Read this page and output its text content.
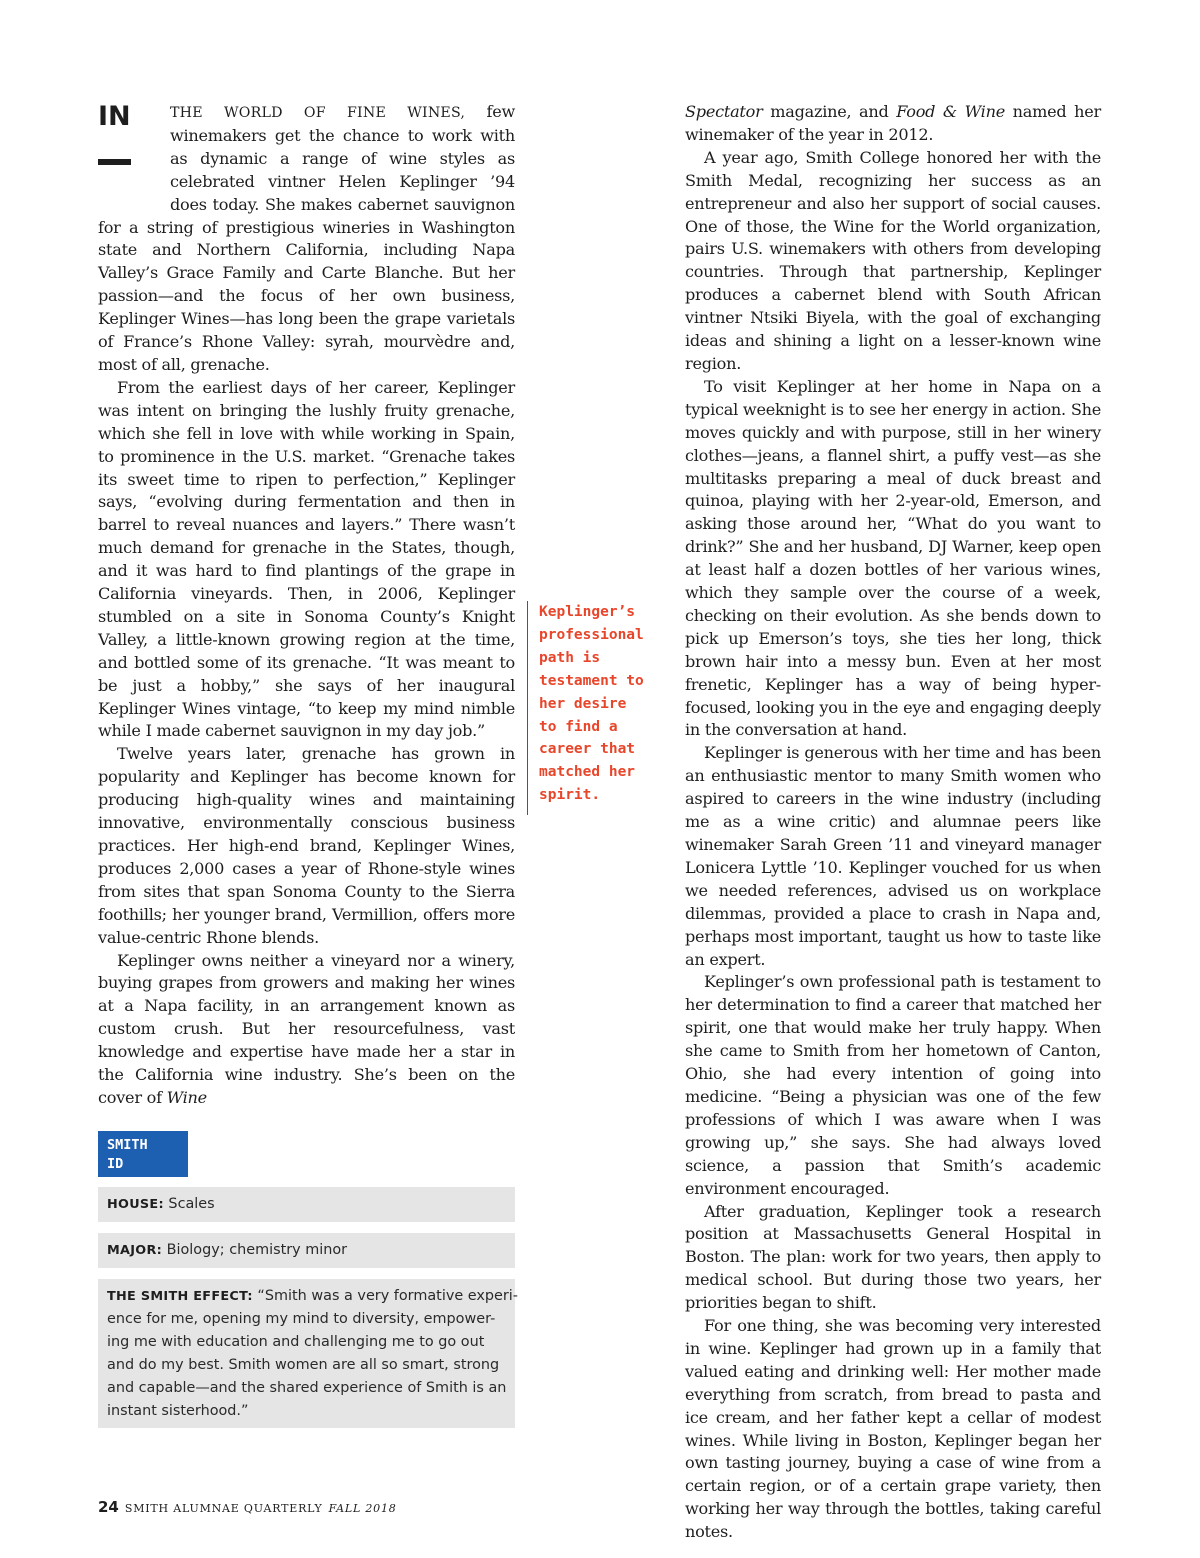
IN	THE WORLD OF FINE WINES, few winemakers get the chance to work with as dynamic a range of wine styles as celebrated vintner Helen Keplinger ’94 does today. She makes cabernet sauvignon for a string of prestigious wineries in Washington state and Northern California, including Napa Valley’s Grace Family and Carte Blanche. But her passion—and the focus of her own business, Keplinger Wines—has long been the grape varietals of France’s Rhone Valley: syrah, mourvèdre and, most of all, grenache.

From the earliest days of her career, Keplinger was intent on bringing the lushly fruity grenache, which she fell in love with while working in Spain, to prominence in the U.S. market. “Grenache takes its sweet time to ripen to perfection,” Keplinger says, “evolving during fermentation and then in barrel to reveal nuances and layers.” There wasn’t much demand for grenache in the States, though, and it was hard to find plantings of the grape in California vineyards. Then, in 2006, Keplinger stumbled on a site in Sonoma County’s Knight Valley, a little-known growing region at the time, and bottled some of its grenache. “It was meant to be just a hobby,” she says of her inaugural Keplinger Wines vintage, “to keep my mind nimble while I made cabernet sauvignon in my day job.”

Twelve years later, grenache has grown in popularity and Keplinger has become known for producing high-quality wines and maintaining innovative, environmentally conscious business practices. Her high-end brand, Keplinger Wines, produces 2,000 cases a year of Rhone-style wines from sites that span Sonoma County to the Sierra foothills; her younger brand, Vermillion, offers more value-centric Rhone blends.

Keplinger owns neither a vineyard nor a winery, buying grapes from growers and making her wines at a Napa facility, in an arrangement known as custom crush. But her resourcefulness, vast knowledge and expertise have made her a star in the California wine industry. She’s been on the cover of Wine

Keplinger’s
professional
path is
testament to
her desire
to find a
career that
matched her
spirit.

Spectator magazine, and Food & Wine named her winemaker of the year in 2012.

A year ago, Smith College honored her with the Smith Medal, recognizing her success as an entrepreneur and also her support of social causes. One of those, the Wine for the World organization, pairs U.S. winemakers with others from developing countries. Through that partnership, Keplinger produces a cabernet blend with South African vintner Ntsiki Biyela, with the goal of exchanging ideas and shining a light on a lesser-known wine region.

To visit Keplinger at her home in Napa on a typical weeknight is to see her energy in action. She moves quickly and with purpose, still in her winery clothes—jeans, a flannel shirt, a puffy vest—as she multitasks preparing a meal of duck breast and quinoa, playing with her 2-year-old, Emerson, and asking those around her, “What do you want to drink?” She and her husband, DJ Warner, keep open at least half a dozen bottles of her various wines, which they sample over the course of a week, checking on their evolution. As she bends down to pick up Emerson’s toys, she ties her long, thick brown hair into a messy bun. Even at her most frenetic, Keplinger has a way of being hyper-focused, looking you in the eye and engaging deeply in the conversation at hand.

Keplinger is generous with her time and has been an enthusiastic mentor to many Smith women who aspired to careers in the wine industry (including me as a wine critic) and alumnae peers like winemaker Sarah Green ’11 and vineyard manager Lonicera Lyttle ’10. Keplinger vouched for us when we needed references, advised us on workplace dilemmas, provided a place to crash in Napa and, perhaps most important, taught us how to taste like an expert.

Keplinger’s own professional path is testament to her determination to find a career that matched her spirit, one that would make her truly happy. When she came to Smith from her hometown of Canton, Ohio, she had every intention of going into medicine. “Being a physician was one of the few professions of which I was aware when I was growing up,” she says. She had always loved science, a passion that Smith’s academic environment encouraged.

After graduation, Keplinger took a research position at Massachusetts General Hospital in Boston. The plan: work for two years, then apply to medical school. But during those two years, her priorities began to shift.

For one thing, she was becoming very interested in wine. Keplinger had grown up in a family that valued eating and drinking well: Her mother made everything from scratch, from bread to pasta and ice cream, and her father kept a cellar of modest wines. While living in Boston, Keplinger began her own tasting journey, buying a case of wine from a certain region, or of a certain grape variety, then working her way through the bottles, taking careful notes.

SMITH
ID
HOUSE: Scales
MAJOR: Biology; chemistry minor
THE SMITH EFFECT: “Smith was a very formative experi-
ence for me, opening my mind to diversity, empower-
ing me with education and challenging me to go out
and do my best. Smith women are all so smart, strong
and capable—and the shared experience of Smith is an
instant sisterhood.”
24 SMITH ALUMNAE QUARTERLY FALL 2018
